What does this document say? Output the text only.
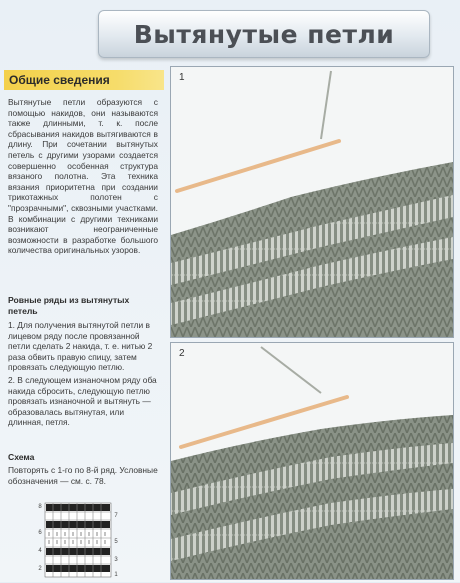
Вытянутые петли
Общие сведения
Вытянутые петли образуются с помощью накидов, они называются также длинными, т. к. после сбрасывания накидов вытягиваются в длину. При сочетании вытянутых петель с другими узорами создается совершенно особенная структура вязаного полотна. Эта техника вязания приоритетна при создании трикотажных полотен с "прозрачными", сквозными участками. В комбинации с другими техниками возникают неограниченные возможности в разработке большого количества оригинальных узоров.
Ровные ряды из вытянутых петель

1. Для получения вытянутой петли в лицевом ряду после провязанной петли сделать 2 накида, т. е. нитью 2 раза обвить правую спицу, затем провязать следующую петлю.

2. В следующем изнаночном ряду оба накида сбросить, следующую петлю провязать изнаночной и вытянуть — образовалась вытянутая, или длинная, петля.

Схема
Повторять с 1-го по 8-й ряд. Условные обозначения — см. с. 78.
8
6
4
2
7
5
3
1
1
2
